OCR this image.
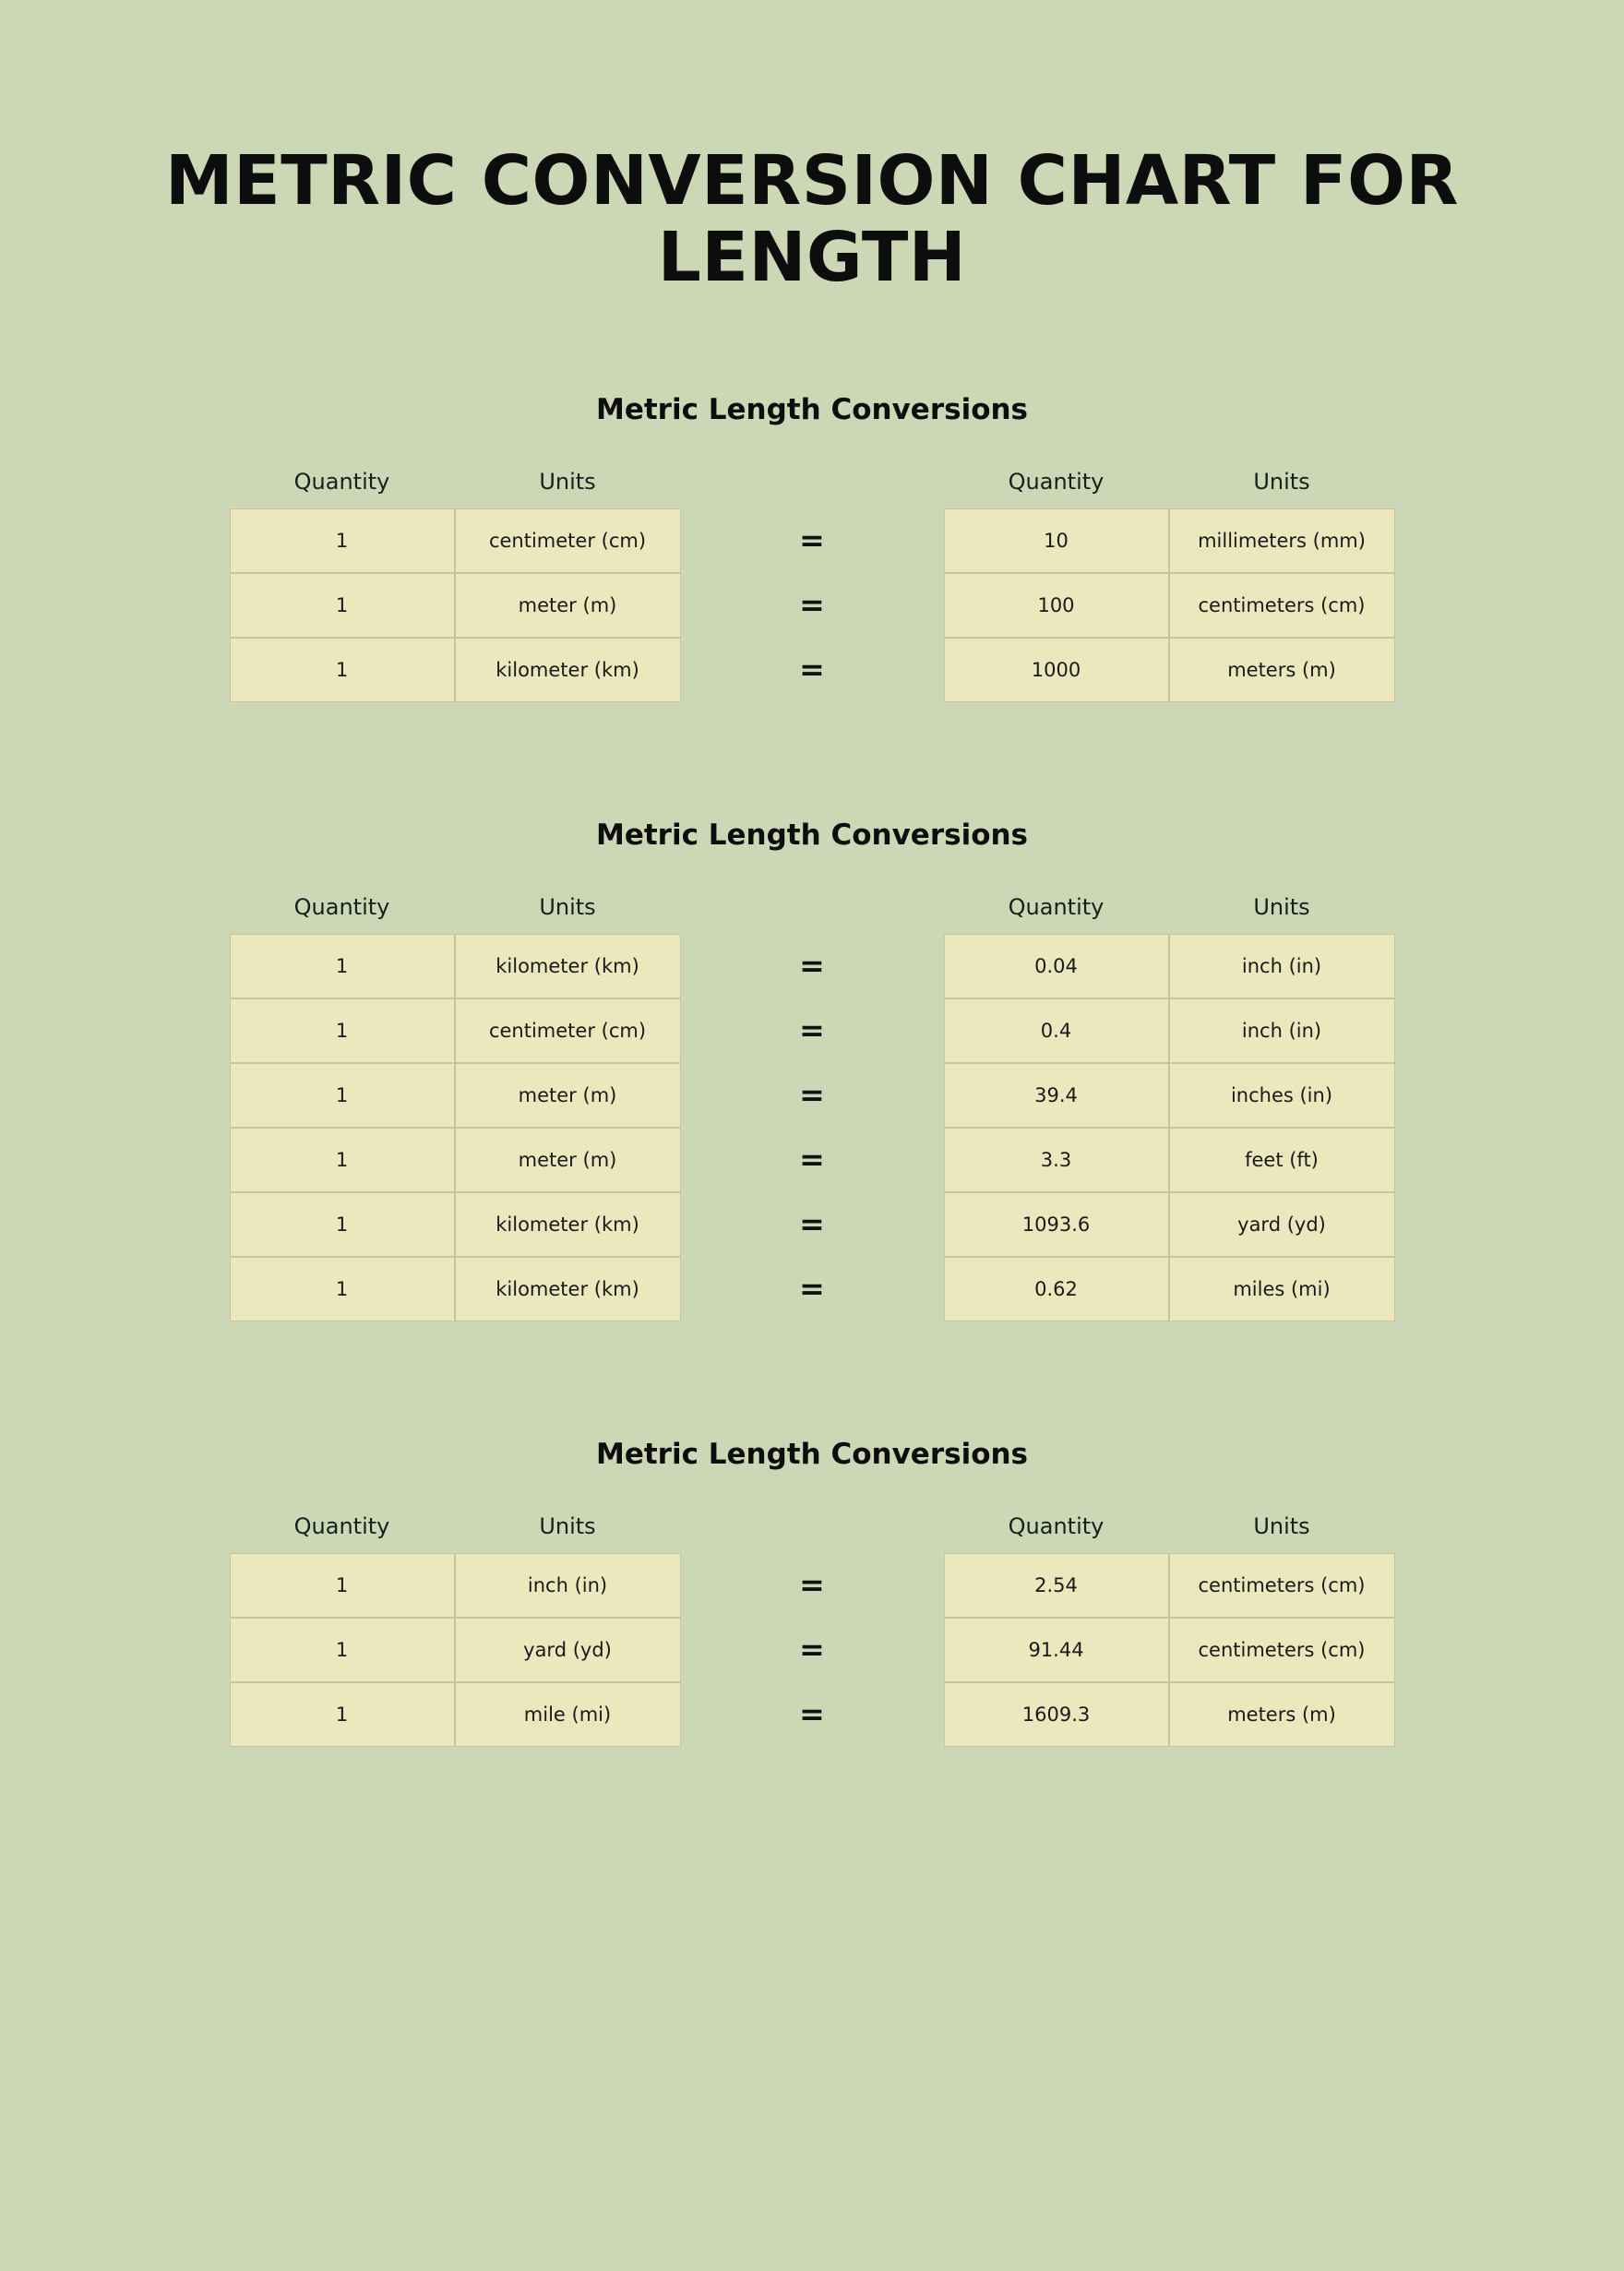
METRIC CONVERSION CHART FOR LENGTH
Metric Length Conversions
Quantity	Units	Quantity	Units
1	centimeter (cm)	=	10	millimeters (mm)
1	meter (m)	=	100	centimeters (cm)
1	kilometer (km)	=	1000	meters (m)
Metric Length Conversions
Quantity	Units	Quantity	Units
1	kilometer (km)	=	0.04	inch (in)
1	centimeter (cm)	=	0.4	inch (in)
1	meter (m)	=	39.4	inches (in)
1	meter (m)	=	3.3	feet (ft)
1	kilometer (km)	=	1093.6	yard (yd)
1	kilometer (km)	=	0.62	miles (mi)
Metric Length Conversions
Quantity	Units	Quantity	Units
1	inch (in)	=	2.54	centimeters (cm)
1	yard (yd)	=	91.44	centimeters (cm)
1	mile (mi)	=	1609.3	meters (m)
